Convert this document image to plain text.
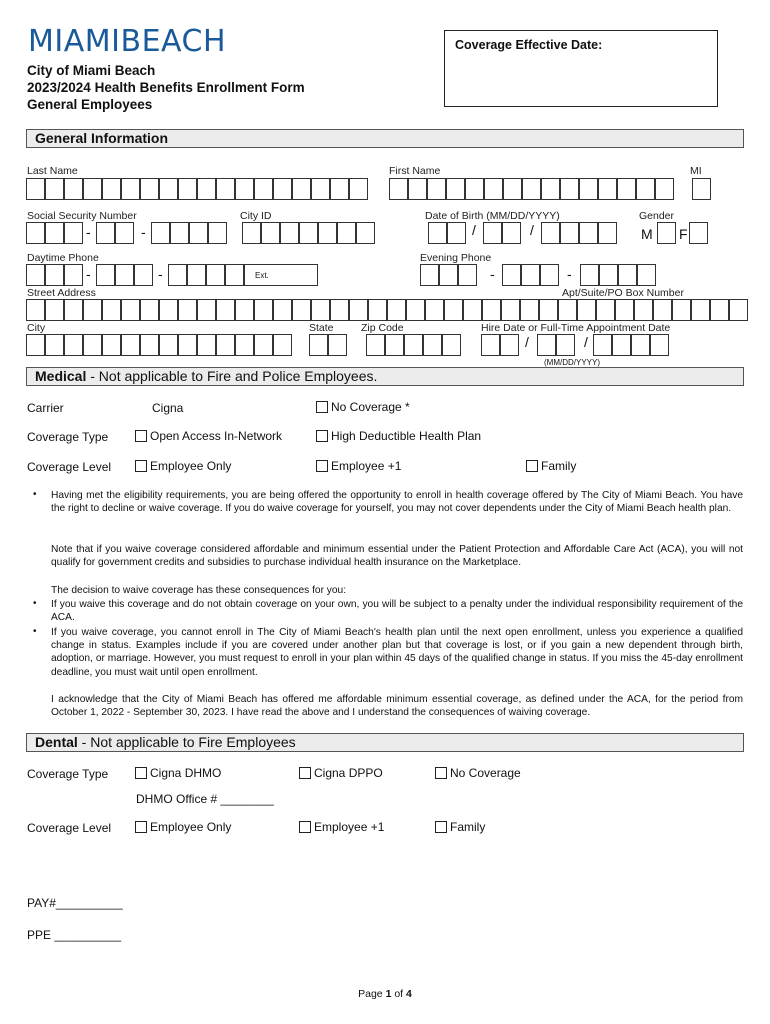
MIAMIBEACH
City of Miami Beach
2023/2024 Health Benefits Enrollment Form
General Employees
Coverage Effective Date:
General Information
Last Name	First Name	MI
Social Security Number	City ID	Date of Birth (MM/DD/YYYY)	Gender
-	-	/	/	M F
Daytime Phone	Evening Phone
-	-	Ext.	-	-
Street Address	Apt/Suite/PO Box Number
City	State	Zip Code	Hire Date or Full-Time Appointment Date
/	/
(MM/DD/YYYY)
Medical - Not applicable to Fire and Police Employees.
Carrier	Cigna	No Coverage *
Coverage Type	Open Access In-Network	High Deductible Health Plan
Coverage Level	Employee Only	Employee +1	Family
• Having met the eligibility requirements, you are being offered the opportunity to enroll in health coverage offered by The City of Miami Beach. You have the right to decline or waive coverage. If you do waive coverage for yourself, you may not cover dependents under the City of Miami Beach health plan.
Note that if you waive coverage considered affordable and minimum essential under the Patient Protection and Affordable Care Act (ACA), you will not qualify for government credits and subsidies to purchase individual health insurance on the Marketplace.
The decision to waive coverage has these consequences for you:
• If you waive this coverage and do not obtain coverage on your own, you will be subject to a penalty under the individual responsibility requirement of the ACA.
• If you waive coverage, you cannot enroll in The City of Miami Beach's health plan until the next open enrollment, unless you experience a qualified change in status. Examples include if you are covered under another plan but that coverage is lost, or if you gain a new dependent through birth, adoption, or marriage. However, you must request to enroll in your plan within 45 days of the qualified change in status. If you miss the 45-day enrollment deadline, you must wait until open enrollment.
I acknowledge that the City of Miami Beach has offered me affordable minimum essential coverage, as defined under the ACA, for the period from October 1, 2022 - September 30, 2023. I have read the above and I understand the consequences of waiving coverage.
Dental - Not applicable to Fire Employees
Coverage Type	Cigna DHMO	Cigna DPPO	No Coverage
DHMO Office # ________
Coverage Level	Employee Only	Employee +1	Family
PAY#__________
PPE __________
Page 1 of 4
